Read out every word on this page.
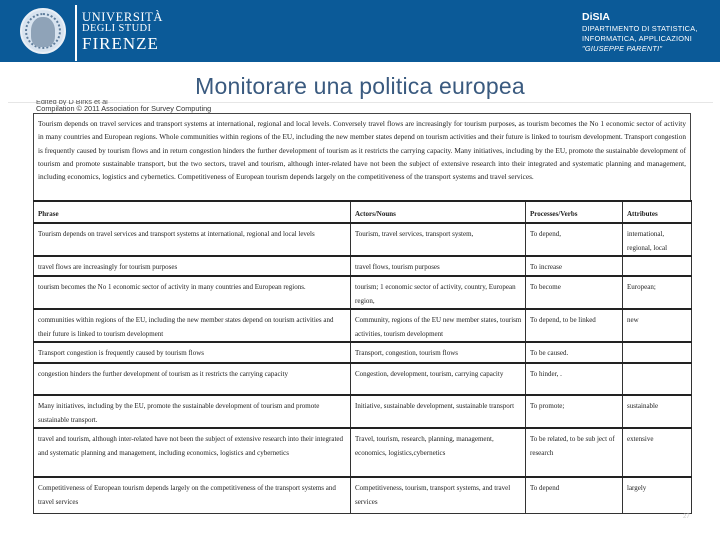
UNIVERSITÀ
DEGLI STUDI
FIRENZE
DiSIA
DIPARTIMENTO DI STATISTICA,
INFORMATICA, APPLICAZIONI
"GIUSEPPE PARENTI"
Monitorare una politica europea
Edited by D Birks et al
Compilation © 2011 Association for Survey Computing
Tourism depends on travel services and transport systems at international, regional and local levels. Conversely travel flows are increasingly for tourism purposes, as tourism becomes the No 1 economic sector of activity in many countries and European regions. Whole communities within regions of the EU, including the new member states depend on tourism activities and their future is linked to tourism development. Transport congestion is frequently caused by tourism flows and in return congestion hinders the further development of tourism as it restricts the carrying capacity. Many initiatives, including by the EU, promote the sustainable development of tourism and promote sustainable transport, but the two sectors, travel and tourism, although inter-related have not been the subject of extensive research into their integrated and systematic planning and management, including economics, logistics and cybernetics. Competitiveness of European tourism depends largely on the competitiveness of the transport systems and travel services.
Phrase	Actors/Nouns	Processes/Verbs	Attributes
Tourism depends on travel services and transport systems at international, regional and local levels	Tourism, travel services, transport system,	To depend,	international, regional, local
travel flows are increasingly for tourism purposes	travel flows, tourism purposes	To increase	
tourism becomes the No 1 economic sector of activity in many countries and European regions.	tourism; 1 economic sector of activity, country, European region,	To become	European;
communities within regions of the EU, including the new member states depend on tourism activities and their future is linked to tourism development	Community, regions of the EU new member states, tourism activities, tourism development	To depend, to be linked	new
Transport congestion is frequently caused by tourism flows	Transport, congestion, tourism flows	To be caused.	
congestion hinders the further development of tourism as it restricts the carrying capacity	Congestion, development, tourism, carrying capacity	To hinder, .	
Many initiatives, including by the EU, promote the sustainable development of tourism and promote sustainable transport.	Initiative, sustainable development, sustainable transport	To promote;	sustainable
travel and tourism, although inter-related have not been the subject of extensive research into their integrated and systematic planning and management, including economics, logistics and cybernetics	Travel, tourism, research, planning, management, economics, logistics,cybernetics	To be related, to be sub ject of research	extensive
Competitiveness of European tourism depends largely on the competitiveness of the transport systems and travel services	Competitiveness, tourism, transport systems, and travel services	To depend	largely
27
